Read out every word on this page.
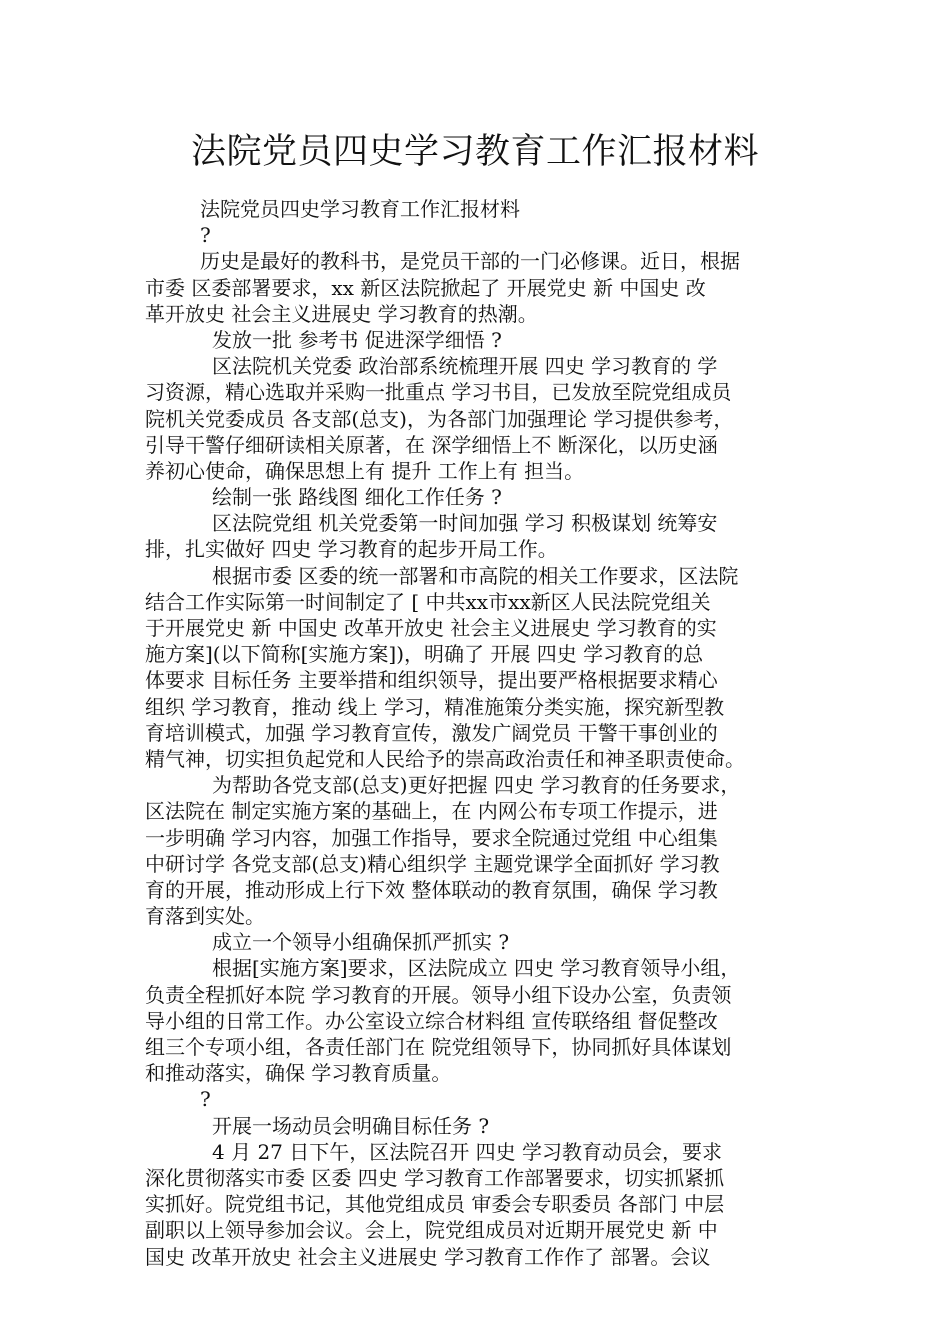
法院党员四史学习教育工作汇报材料
法院党员四史学习教育工作汇报材料
?
历史是最好的教科书，是党员干部的一门必修课。近日，根据
市委 区委部署要求，xx 新区法院掀起了 开展党史 新 中国史 改
革开放史 社会主义进展史 学习教育的热潮。
发放一批 参考书 促进深学细悟 ?
区法院机关党委 政治部系统梳理开展 四史 学习教育的 学
习资源，精心选取并采购一批重点 学习书目，已发放至院党组成员
院机关党委成员 各支部(总支)，为各部门加强理论 学习提供参考，
引导干警仔细研读相关原著，在 深学细悟上不 断深化，以历史涵
养初心使命，确保思想上有 提升 工作上有 担当。
绘制一张 路线图 细化工作任务 ?
区法院党组 机关党委第一时间加强 学习 积极谋划 统筹安
排，扎实做好 四史 学习教育的起步开局工作。
根据市委 区委的统一部署和市高院的相关工作要求，区法院
结合工作实际第一时间制定了 [ 中共xx市xx新区人民法院党组关
于开展党史 新 中国史 改革开放史 社会主义进展史 学习教育的实
施方案](以下简称[实施方案])，明确了 开展 四史 学习教育的总
体要求 目标任务 主要举措和组织领导，提出要严格根据要求精心
组织 学习教育，推动 线上 学习，精准施策分类实施，探究新型教
育培训模式，加强 学习教育宣传，激发广阔党员 干警干事创业的
精气神，切实担负起党和人民给予的崇高政治责任和神圣职责使命。
为帮助各党支部(总支)更好把握 四史 学习教育的任务要求，
区法院在 制定实施方案的基础上，在 内网公布专项工作提示，进
一步明确 学习内容，加强工作指导，要求全院通过党组 中心组集
中研讨学 各党支部(总支)精心组织学 主题党课学全面抓好 学习教
育的开展，推动形成上行下效 整体联动的教育氛围，确保 学习教
育落到实处。
成立一个领导小组确保抓严抓实 ?
根据[实施方案]要求，区法院成立 四史 学习教育领导小组，
负责全程抓好本院 学习教育的开展。领导小组下设办公室，负责领
导小组的日常工作。办公室设立综合材料组 宣传联络组 督促整改
组三个专项小组，各责任部门在 院党组领导下，协同抓好具体谋划
和推动落实，确保 学习教育质量。
?
开展一场动员会明确目标任务 ?
4 月 27 日下午，区法院召开 四史 学习教育动员会，要求
深化贯彻落实市委 区委 四史 学习教育工作部署要求，切实抓紧抓
实抓好。院党组书记，其他党组成员 审委会专职委员 各部门 中层
副职以上领导参加会议。会上，院党组成员对近期开展党史 新 中
国史 改革开放史 社会主义进展史 学习教育工作作了 部署。会议
